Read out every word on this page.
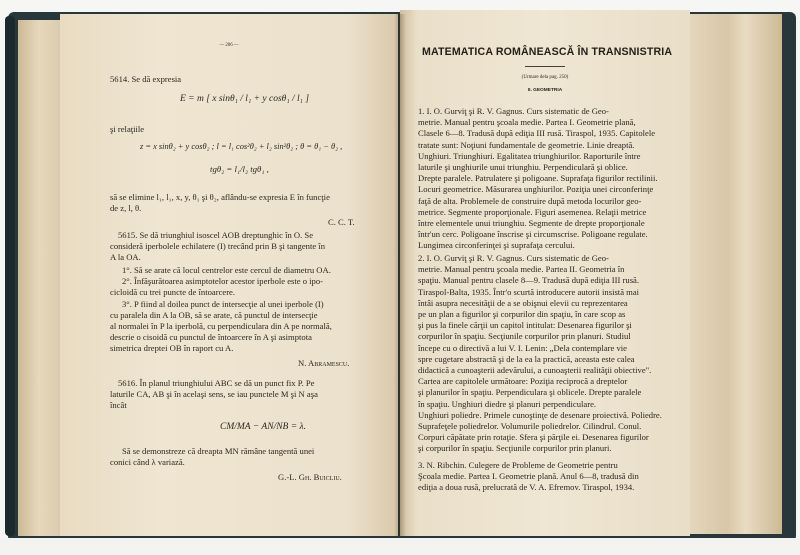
— 206 —
5614. Se dă expresia
E = m [ x sinθ₁ / l₁ + y cosθ₁ / l₁ ]
şi relaţiile
z = x sinθ₂ + y cosθ₂ ; l = l₁ cos²θ₂ + l₂ sin²θ₂ ; θ = θ₁ − θ₂ ,
tgθ₂ = l₁/l₂ tgθ₁ ,
să se elimine l₁, l₁, x, y, θ₁ şi θ₂, aflându-se expresia E în funcţie
de z, l, θ.
C. C. T.
5615. Se dă triunghiul isoscel AOB dreptunghic în O. Se
consideră iperbolele echilatere (I) trecând prin B şi tangente în
A la OA.
1°. Să se arate că locul centrelor este cercul de diametru OA.
2°. Înfăşurătoarea asimptotelor acestor iperbole este o ipo-
cicloidă cu trei puncte de întoarcere.
3°. P fiind al doilea punct de intersecţie al unei iperbole (I)
cu paralela din A la OB, să se arate, că punctul de intersecţie
al normalei în P la iperbolă, cu perpendiculara din A pe normală,
descrie o cisoidă cu punctul de întoarcere în A şi asimptota
simetrica dreptei OB în raport cu A.
N. Abramescu.
5616. În planul triunghiului ABC se dă un punct fix P. Pe
laturile CA, AB şi în acelaşi sens, se iau punctele M şi N aşa
încât
CM/MA − AN/NB = λ.
Să se demonstreze că dreapta MN rămâne tangentă unei
conici când λ variază.
G.-L. Gh. Buicliu.
MATEMATICA ROMÂNEASCĂ ÎN TRANSNISTRIA
(Urmare dela pag. 250)
II. GEOMETRIA

1. I. O. Gurviţ şi R. V. Gagnus. Curs sistematic de Geo-

metrie. Manual pentru şcoala medie. Partea I. Geometrie plană,

Clasele 6—8. Tradusă după ediţia III rusă. Tiraspol, 1935. Capitolele

tratate sunt: Noţiuni fundamentale de geometrie. Linie dreaptă.

Unghiuri. Triunghiuri. Egalitatea triunghiurilor. Raporturile între

laturile şi unghiurile unui triunghiu. Perpendiculară şi oblice.

Drepte paralele. Patrulatere şi poligoane. Suprafaţa figurilor rectilinii.

Locuri geometrice. Măsurarea unghiurilor. Poziţia unei circonferinţe

faţă de alta. Problemele de construire după metoda locurilor geo-

metrice. Segmente proporţionale. Figuri asemenea. Relaţii metrice

între elementele unui triunghiu. Segmente de drepte proporţionale

într'un cerc. Poligoane înscrise şi circumscrise. Poligoane regulate.

Lungimea circonferinţei şi suprafaţa cercului.

2. I. O. Gurviţ şi R. V. Gagnus. Curs sistematic de Geo-

metrie. Manual pentru şcoala medie. Partea II. Geometria în

spaţiu. Manual pentru clasele 8—9. Tradusă după ediţia III rusă.

Tiraspol-Balta, 1935. Într'o scurtă introducere autorii insistă mai

întâi asupra necesităţii de a se obişnui elevii cu reprezentarea

pe un plan a figurilor şi corpurilor din spaţiu, în care scop as

şi pus la finele cărţii un capitol intitulat: Desenarea figurilor şi

corpurilor în spaţiu. Secţiunile corpurilor prin planuri. Studiul

începe cu o directivă a lui V. I. Lenin: „Dela contemplare vie

spre cugetare abstractă şi de la ea la practică, aceasta este calea

didactică a cunoaşterii adevărului, a cunoaşterii realităţii obiective".

Cartea are capitolele următoare: Poziţia reciprocă a dreptelor

şi planurilor în spaţiu. Perpendiculara şi oblicele. Drepte paralele

în spaţiu. Unghiuri diedre şi planuri perpendiculare.

Unghiuri poliedre. Primele cunoştinţe de desenare proiectivă. Poliedre.

Suprafeţele poliedrelor. Volumurile poliedrelor. Cilindrul. Conul.

Corpuri căpătate prin rotaţie. Sfera şi părţile ei. Desenarea figurilor

şi corpurilor în spaţiu. Secţiunile corpurilor prin planuri.

3. N. Ribchin. Culegere de Probleme de Geometrie pentru

Şcoala medie. Partea I. Geometrie plană. Anul 6—8, tradusă din

ediţia a doua rusă, prelucrată de V. A. Efremov. Tiraspol, 1934.
